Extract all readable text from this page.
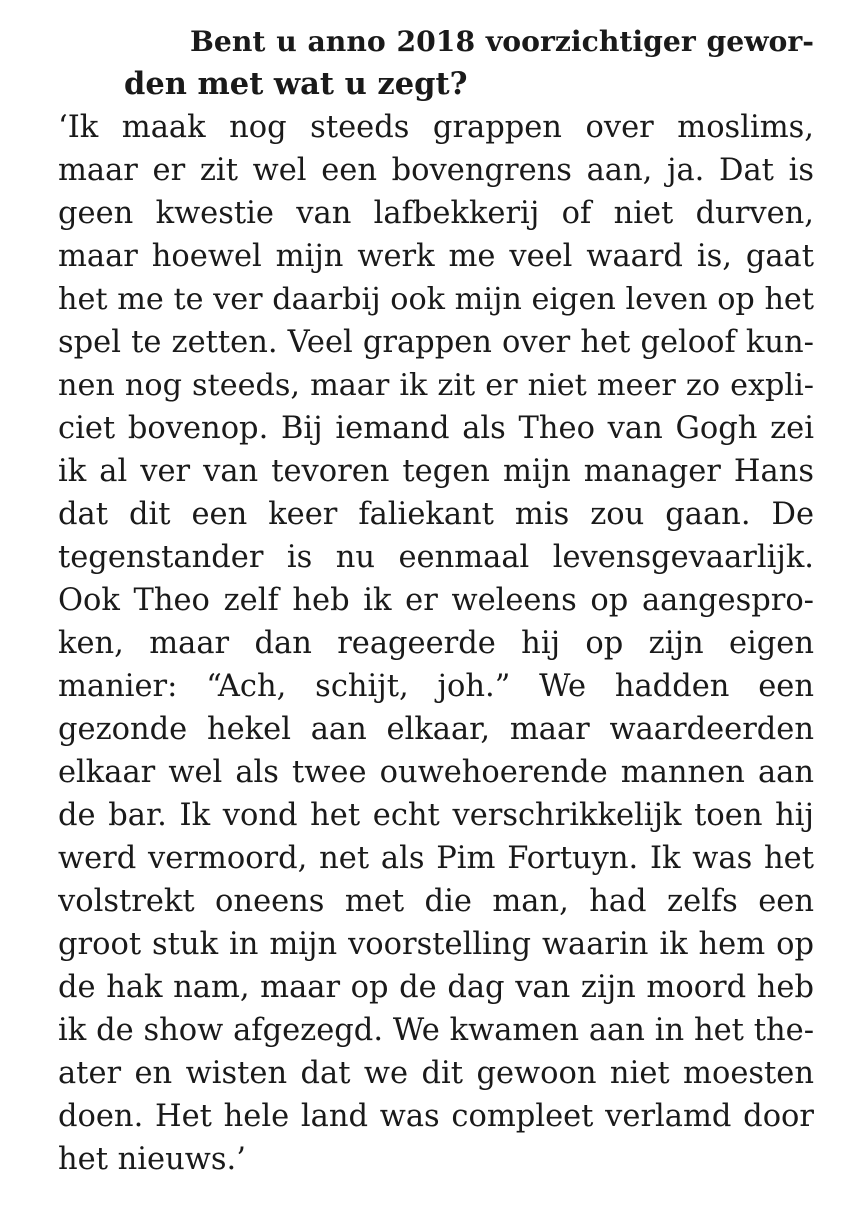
Bent u anno 2018 voorzichtiger gewor-
den met wat u zegt?
‘Ik maak nog steeds grappen over moslims,
maar er zit wel een bovengrens aan, ja. Dat is
geen kwestie van lafbekkerij of niet durven,
maar hoewel mijn werk me veel waard is, gaat
het me te ver daarbij ook mijn eigen leven op het
spel te zetten. Veel grappen over het geloof kun-
nen nog steeds, maar ik zit er niet meer zo expli-
ciet bovenop. Bij iemand als Theo van Gogh zei
ik al ver van tevoren tegen mijn manager Hans
dat dit een keer faliekant mis zou gaan. De
tegenstander is nu eenmaal levensgevaarlijk.
Ook Theo zelf heb ik er weleens op aangespro-
ken, maar dan reageerde hij op zijn eigen
manier: “Ach, schijt, joh.” We hadden een
gezonde hekel aan elkaar, maar waardeerden
elkaar wel als twee ouwehoerende mannen aan
de bar. Ik vond het echt verschrikkelijk toen hij
werd vermoord, net als Pim Fortuyn. Ik was het
volstrekt oneens met die man, had zelfs een
groot stuk in mijn voorstelling waarin ik hem op
de hak nam, maar op de dag van zijn moord heb
ik de show afgezegd. We kwamen aan in het the-
ater en wisten dat we dit gewoon niet moesten
doen. Het hele land was compleet verlamd door
het nieuws.’
